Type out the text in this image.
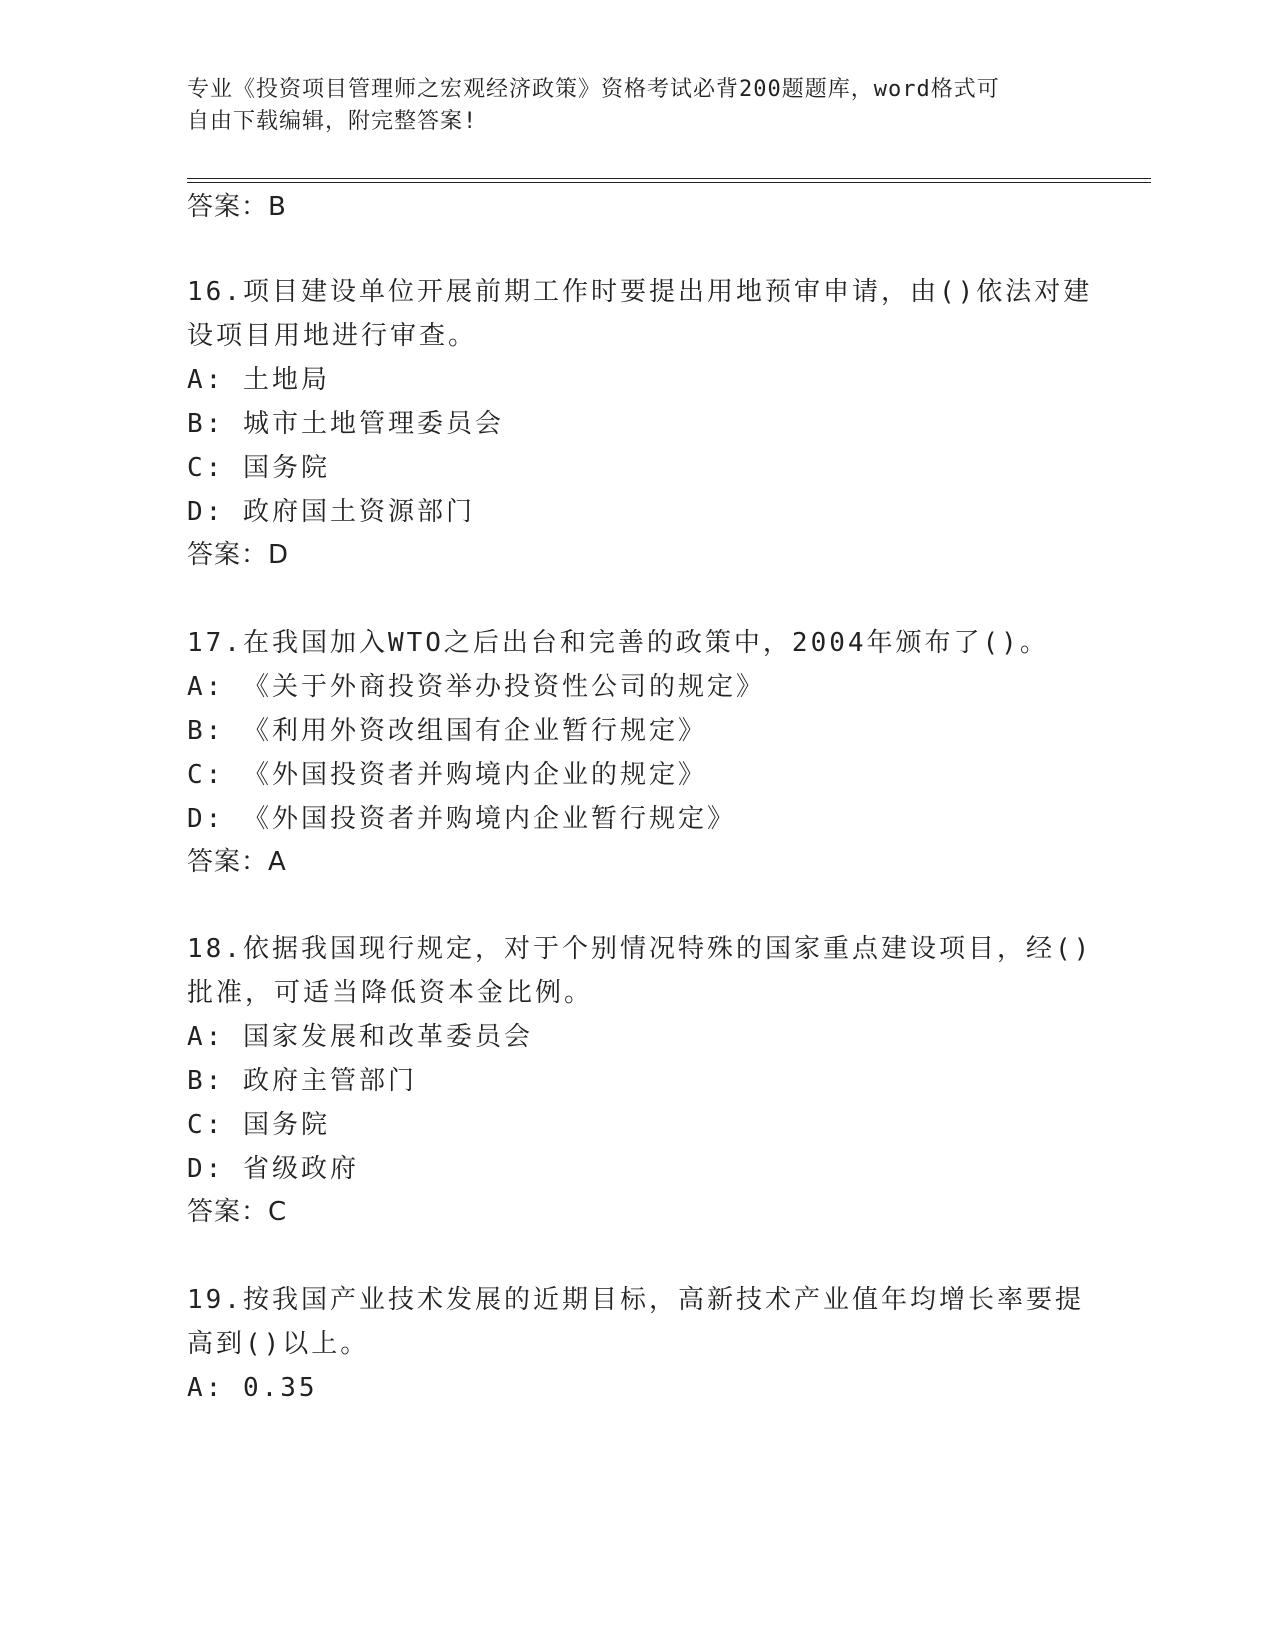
专业《投资项目管理师之宏观经济政策》资格考试必背200题题库，word格式可
自由下载编辑，附完整答案!
答案：B
16.项目建设单位开展前期工作时要提出用地预审申请，由()依法对建
设项目用地进行审查。
A: 土地局
B: 城市土地管理委员会
C: 国务院
D: 政府国土资源部门
答案：D
17.在我国加入WTO之后出台和完善的政策中，2004年颁布了()。
A: 《关于外商投资举办投资性公司的规定》
B: 《利用外资改组国有企业暂行规定》
C: 《外国投资者并购境内企业的规定》
D: 《外国投资者并购境内企业暂行规定》
答案：A
18.依据我国现行规定，对于个别情况特殊的国家重点建设项目，经()
批准，可适当降低资本金比例。
A: 国家发展和改革委员会
B: 政府主管部门
C: 国务院
D: 省级政府
答案：C
19.按我国产业技术发展的近期目标，高新技术产业值年均增长率要提
高到()以上。
A: 0.35
